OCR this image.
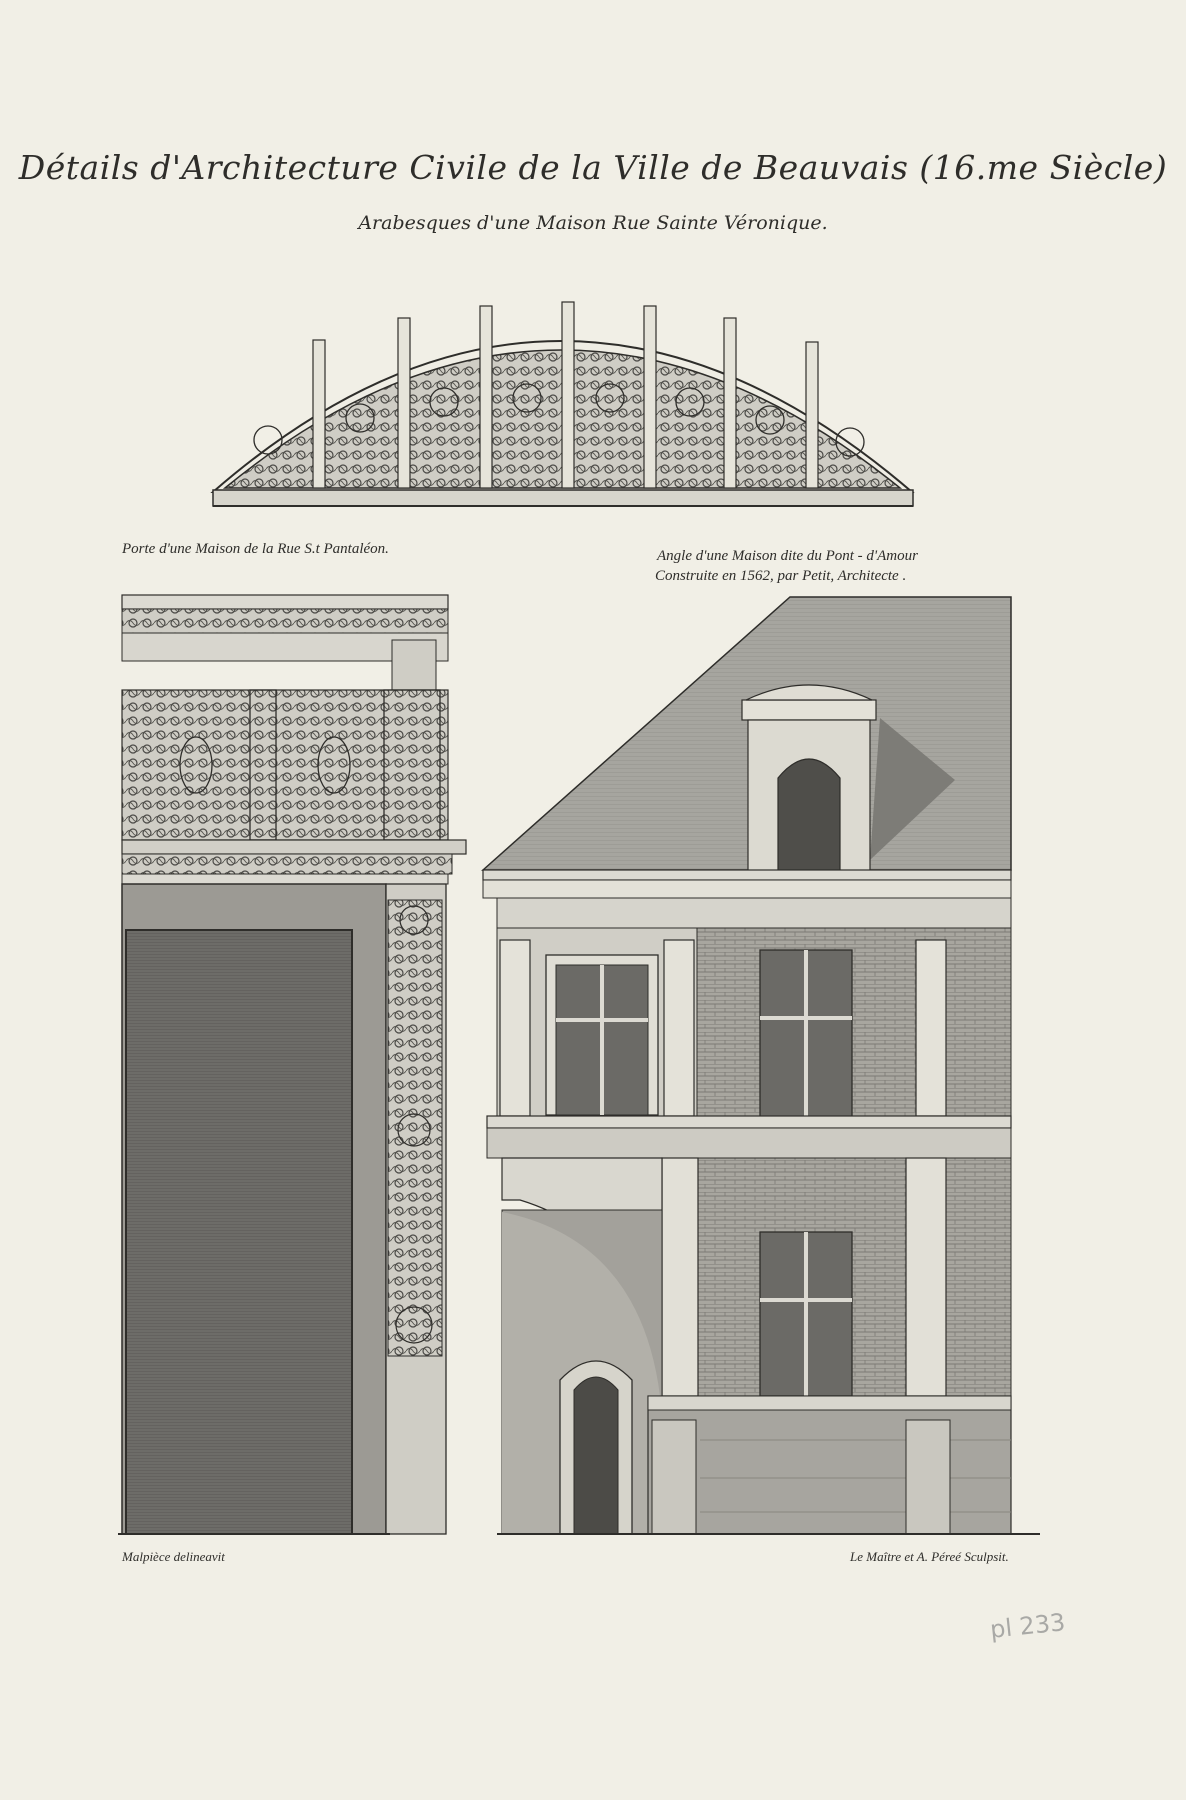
Détails d'Architecture Civile de la Ville de Beauvais (16.me Siècle)
Arabesques d'une Maison Rue Sainte Véronique.
Porte d'une Maison de la Rue S.t Pantaléon.	Angle d'une Maison dite du Pont - d'Amour
Construite en 1562, par Petit, Architecte .
Malpièce delineavit	Le Maître et A. Péreé Sculpsit.
pl 233
